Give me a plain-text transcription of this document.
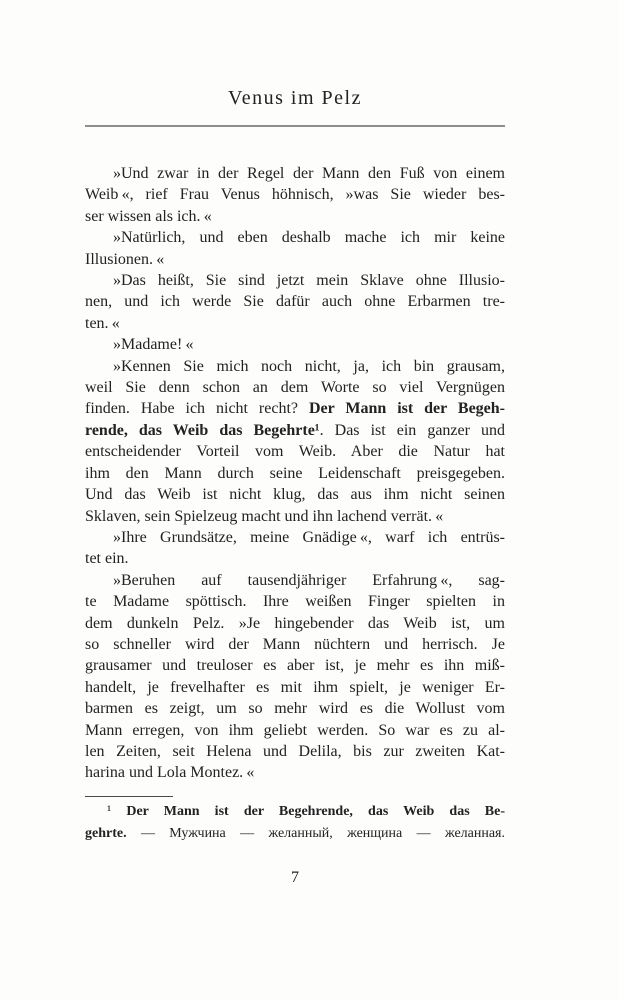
Venus im Pelz
»Und zwar in der Regel der Mann den Fuß von einem
Weib «, rief Frau Venus höhnisch, »was Sie wieder bes-
ser wissen als ich. «
»Natürlich, und eben deshalb mache ich mir keine
Illusionen. «
»Das heißt, Sie sind jetzt mein Sklave ohne Illusio-
nen, und ich werde Sie dafür auch ohne Erbarmen tre-
ten. «
»Madame! «
»Kennen Sie mich noch nicht, ja, ich bin grausam,
weil Sie denn schon an dem Worte so viel Vergnügen
finden. Habe ich nicht recht? Der Mann ist der Begeh-
rende, das Weib das Begehrte¹. Das ist ein ganzer und
entscheidender Vorteil vom Weib. Aber die Natur hat
ihm den Mann durch seine Leidenschaft preisgegeben.
Und das Weib ist nicht klug, das aus ihm nicht seinen
Sklaven, sein Spielzeug macht und ihn lachend verrät. «
»Ihre Grundsätze, meine Gnädige «, warf ich entrüs-
tet ein.
»Beruhen auf tausendjähriger Erfahrung «, sag-
te Madame spöttisch. Ihre weißen Finger spielten in
dem dunkeln Pelz. »Je hingebender das Weib ist, um
so schneller wird der Mann nüchtern und herrisch. Je
grausamer und treuloser es aber ist, je mehr es ihn miß-
handelt, je frevelhafter es mit ihm spielt, je weniger Er-
barmen es zeigt, um so mehr wird es die Wollust vom
Mann erregen, von ihm geliebt werden. So war es zu al-
len Zeiten, seit Helena und Delila, bis zur zweiten Kat-
harina und Lola Montez. «
¹ Der Mann ist der Begehrende, das Weib das Be-
gehrte. — Мужчина — желанный, женщина — желанная.
7
